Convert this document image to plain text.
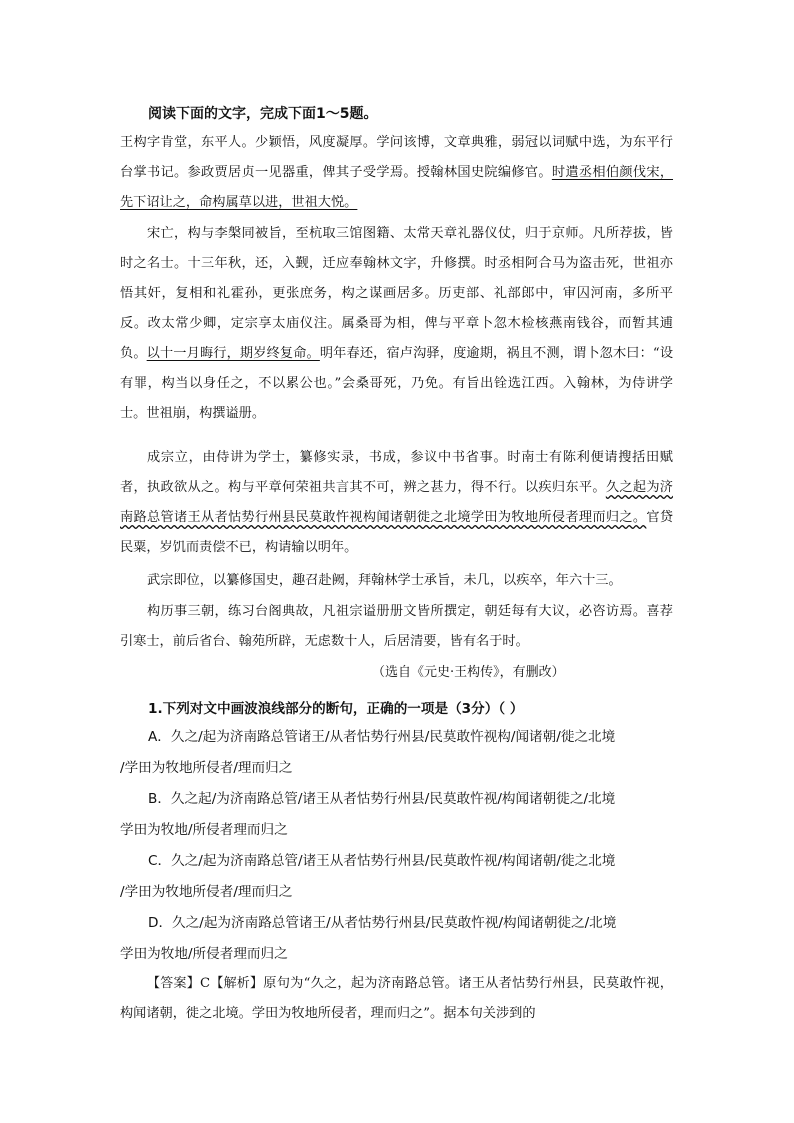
阅读下面的文字，完成下面1～5题。
王构字肯堂，东平人。少颖悟，风度凝厚。学问该博，文章典雅，弱冠以词赋中选，为东平行台掌书记。参政贾居贞一见器重，俾其子受学焉。授翰林国史院编修官。时遣丞相伯颜伐宋，先下诏让之，命构属草以进，世祖大悦。
宋亡，构与李槃同被旨，至杭取三馆图籍、太常天章礼器仪仗，归于京师。凡所荐拔，皆时之名士。十三年秋，还，入觐，迁应奉翰林文字，升修撰。时丞相阿合马为盗击死，世祖亦悟其奸，复相和礼霍孙，更张庶务，构之谋画居多。历吏部、礼部郎中，审囚河南，多所平反。改太常少卿，定宗享太庙仪注。属桑哥为相，俾与平章卜忽木检核燕南钱谷，而暂其逋负。以十一月晦行，期岁终复命。明年春还，宿卢沟驿，度逾期，祸且不测，谓卜忽木曰：“设有罪，构当以身任之，不以累公也。”会桑哥死，乃免。有旨出铨选江西。入翰林，为侍讲学士。世祖崩，构撰谥册。
成宗立，由侍讲为学士，纂修实录，书成，参议中书省事。时南士有陈利便请搜括田赋者，执政欲从之。构与平章何荣祖共言其不可，辨之甚力，得不行。以疾归东平。久之起为济南路总管诸王从者怙势行州县民莫敢忤视构闻诸朝徙之北境学田为牧地所侵者理而归之。官贷民粟，岁饥而责偿不已，构请输以明年。
武宗即位，以纂修国史，趣召赴阙，拜翰林学士承旨，未几，以疾卒，年六十三。
构历事三朝，练习台阁典故，凡祖宗谥册册文皆所撰定，朝廷每有大议，必咨访焉。喜荐引寒士，前后省台、翰苑所辟，无虑数十人，后居清要，皆有名于时。
（选自《元史·王构传》，有删改）
1.下列对文中画波浪线部分的断句，正确的一项是（3分）（ ）
A．久之/起为济南路总管诸王/从者怙势行州县/民莫敢忤视构/闻诸朝/徙之北境
/学田为牧地所侵者/理而归之
B．久之起/为济南路总管/诸王从者怙势行州县/民莫敢忤视/构闻诸朝徙之/北境
学田为牧地/所侵者理而归之
C．久之/起为济南路总管/诸王从者怙势行州县/民莫敢忤视/构闻诸朝/徙之北境
/学田为牧地所侵者/理而归之
D．久之/起为济南路总管诸王/从者怙势行州县/民莫敢忤视/构闻诸朝徙之/北境
学田为牧地/所侵者理而归之
【答案】C【解析】原句为“久之，起为济南路总管。诸王从者怙势行州县，民莫敢忤视，构闻诸朝，徙之北境。学田为牧地所侵者，理而归之”。据本句关涉到的
